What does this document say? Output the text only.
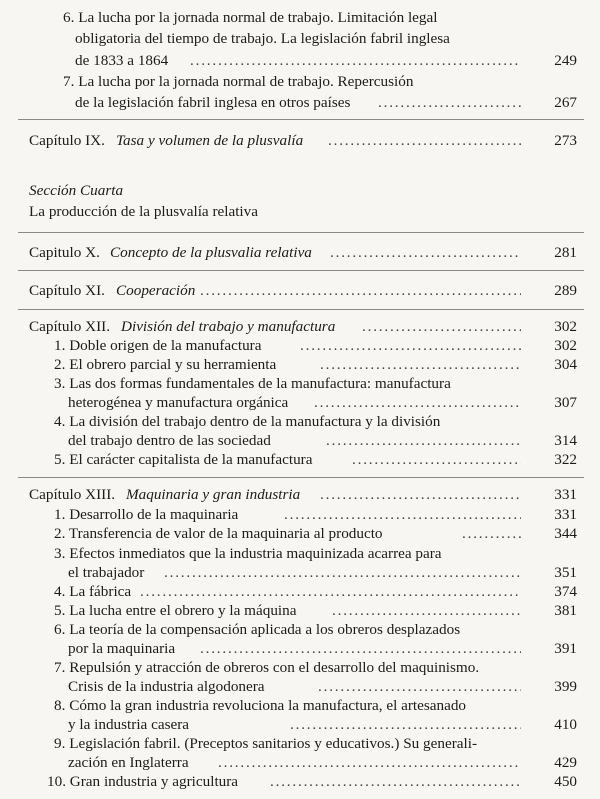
6. La lucha por la jornada normal de trabajo. Limitación legal
obligatoria del tiempo de trabajo. La legislación fabril inglesa
de 1833 a 1864 . . .	249
7. La lucha por la jornada normal de trabajo. Repercusión
de la legislación fabril inglesa en otros países . . .	267
Capítulo IX. Tasa y volumen de la plusvalía . . .	273
Sección Cuarta
La producción de la plusvalía relativa
Capitulo X. Concepto de la plusvalia relativa . . .	281
Capítulo XI. Cooperación . . .	289
Capítulo XII. División del trabajo y manufactura . . .	302
1. Doble origen de la manufactura . . .	302
2. El obrero parcial y su herramienta . . .	304
3. Las dos formas fundamentales de la manufactura: manufactura
heterogénea y manufactura orgánica . . .	307
4. La división del trabajo dentro de la manufactura y la división
del trabajo dentro de las sociedad . . .	314
5. El carácter capitalista de la manufactura . . .	322
Capítulo XIII. Maquinaria y gran industria . . .	331
1. Desarrollo de la maquinaria . . .	331
2. Transferencia de valor de la maquinaria al producto . . .	344
3. Efectos inmediatos que la industria maquinizada acarrea para
el trabajador . . .	351
4. La fábrica . . .	374
5. La lucha entre el obrero y la máquina . . .	381
6. La teoría de la compensación aplicada a los obreros desplazados
por la maquinaria . . .	391
7. Repulsión y atracción de obreros con el desarrollo del maquinismo.
Crisis de la industria algodonera . . .	399
8. Cómo la gran industria revoluciona la manufactura, el artesanado
y la industria casera . . .	410
9. Legislación fabril. (Preceptos sanitarios y educativos.) Su generali-
zación en Inglaterra . . .	429
10. Gran industria y agricultura . . .	450
